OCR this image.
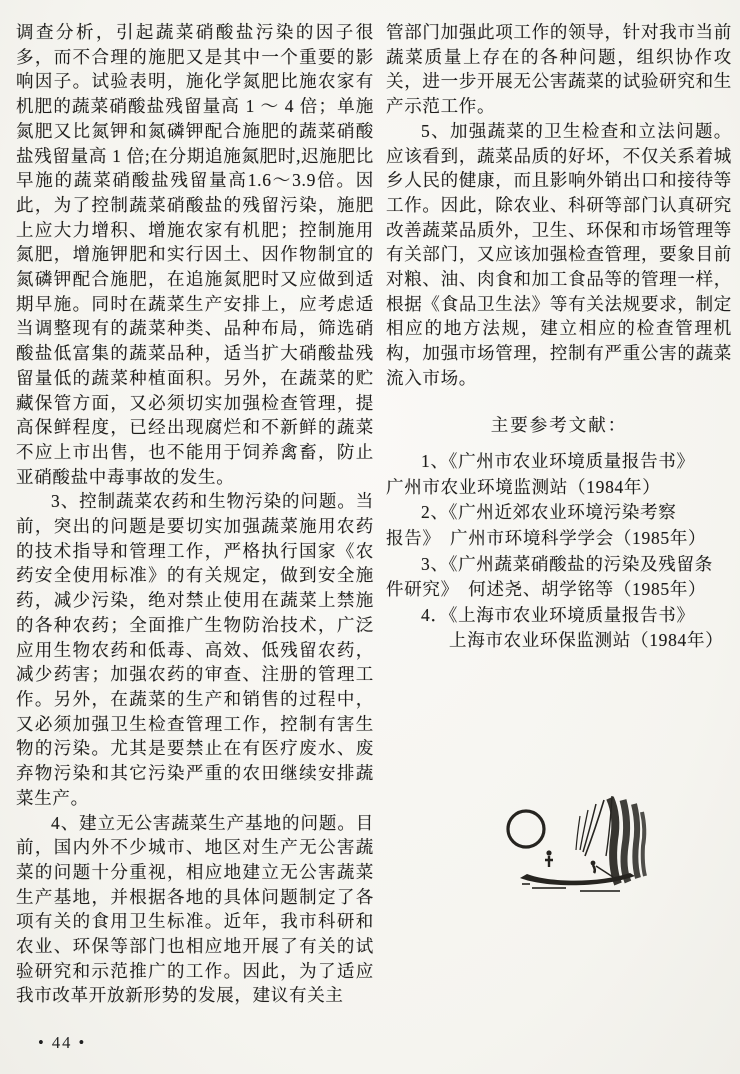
调查分析，引起蔬菜硝酸盐污染的因子很多，而不合理的施肥又是其中一个重要的影响因子。试验表明，施化学氮肥比施农家有机肥的蔬菜硝酸盐残留量高 1 ～ 4 倍；单施氮肥又比氮钾和氮磷钾配合施肥的蔬菜硝酸盐残留量高 1 倍;在分期追施氮肥时,迟施肥比早施的蔬菜硝酸盐残留量高1.6～3.9倍。因此，为了控制蔬菜硝酸盐的残留污染，施肥上应大力增积、增施农家有机肥；控制施用氮肥，增施钾肥和实行因土、因作物制宜的氮磷钾配合施肥，在追施氮肥时又应做到适期早施。同时在蔬菜生产安排上，应考虑适当调整现有的蔬菜种类、品种布局，筛选硝酸盐低富集的蔬菜品种，适当扩大硝酸盐残留量低的蔬菜种植面积。另外，在蔬菜的贮藏保管方面，又必须切实加强检查管理，提高保鲜程度，已经出现腐烂和不新鲜的蔬菜不应上市出售，也不能用于饲养禽畜，防止亚硝酸盐中毒事故的发生。

3、控制蔬菜农药和生物污染的问题。当前，突出的问题是要切实加强蔬菜施用农药的技术指导和管理工作，严格执行国家《农药安全使用标准》的有关规定，做到安全施药，减少污染，绝对禁止使用在蔬菜上禁施的各种农药；全面推广生物防治技术，广泛应用生物农药和低毒、高效、低残留农药，减少药害；加强农药的审查、注册的管理工作。另外，在蔬菜的生产和销售的过程中，又必须加强卫生检查管理工作，控制有害生物的污染。尤其是要禁止在有医疗废水、废弃物污染和其它污染严重的农田继续安排蔬菜生产。

4、建立无公害蔬菜生产基地的问题。目前，国内外不少城市、地区对生产无公害蔬菜的问题十分重视，相应地建立无公害蔬菜生产基地，并根据各地的具体问题制定了各项有关的食用卫生标准。近年，我市科研和农业、环保等部门也相应地开展了有关的试验研究和示范推广的工作。因此，为了适应我市改革开放新形势的发展，建议有关主

管部门加强此项工作的领导，针对我市当前蔬菜质量上存在的各种问题，组织协作攻关，进一步开展无公害蔬菜的试验研究和生产示范工作。

5、加强蔬菜的卫生检查和立法问题。应该看到，蔬菜品质的好坏，不仅关系着城乡人民的健康，而且影响外销出口和接待等工作。因此，除农业、科研等部门认真研究改善蔬菜品质外，卫生、环保和市场管理等有关部门，又应该加强检查管理，要象目前对粮、油、肉食和加工食品等的管理一样，根据《食品卫生法》等有关法规要求，制定相应的地方法规，建立相应的检查管理机构，加强市场管理，控制有严重公害的蔬菜流入市场。

主要参考文献：
1、《广州市农业环境质量报告书》
广州市农业环境监测站（1984年）
2、《广州近郊农业环境污染考察
报告》　广州市环境科学学会（1985年）
3、《广州蔬菜硝酸盐的污染及残留条
件研究》　何述尧、胡学铭等（1985年）
4．《上海市农业环境质量报告书》
上海市农业环保监测站（1984年）
• 44 •
